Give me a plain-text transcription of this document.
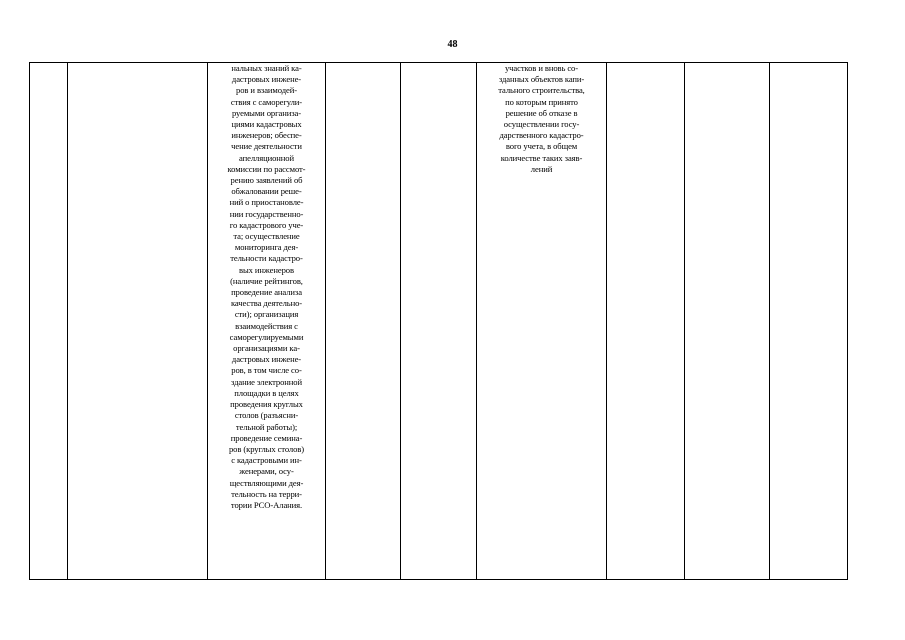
48

нальных знаний ка-
дастровых инжене-
ров и взаимодей-
ствия с саморегули-
руемыми организа-
циями кадастровых
инженеров; обеспе-
чение деятельности
апелляционной
комиссии по рассмот-
рению заявлений об
обжаловании реше-
ний о приостановле-
нии государственно-
го кадастрового уче-
та; осуществление
мониторинга дея-
тельности кадастро-
вых инженеров
(наличие рейтингов,
проведение анализа
качества деятельно-
сти); организация
взаимодействия с
саморегулируемыми
организациями ка-
дастровых инжене-
ров, в том числе со-
здание электронной
площадки в целях
проведения круглых
столов (разъясни-
тельной работы);
проведение семина-
ров (круглых столов)
с кадастровыми ин-
женерами, осу-
ществляющими дея-
тельность на терри-
тории РСО-Алания.

участков и вновь со-
зданных объектов капи-
тального строительства,
по которым принято
решение об отказе в
осуществлении госу-
дарственного кадастро-
вого учета, в общем
количестве таких заяв-
лений
